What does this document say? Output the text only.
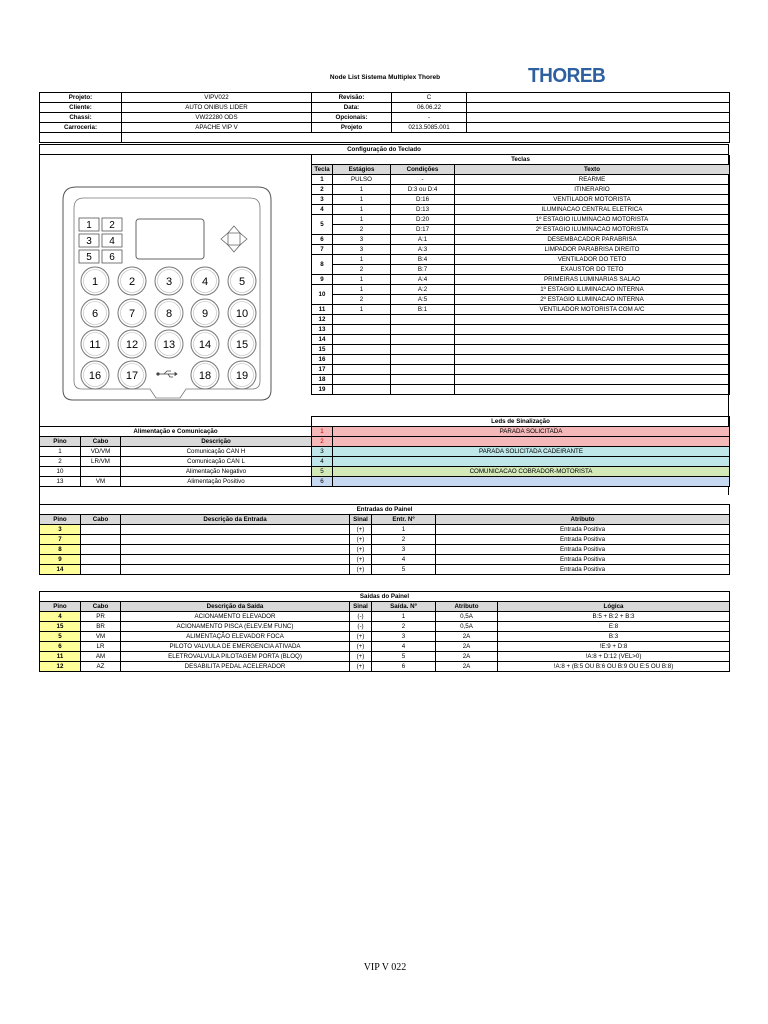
Node List Sistema Multiplex Thoreb	THOREB
Projeto:	VIPV022	Revisão:	C	
Cliente:	AUTO ONIBUS LIDER	Data:	06.06.22	
Chassi:	VW22280 ODS	Opcionais:	-	
Carroceria:	APACHE VIP V	Projeto	0213.5085.001	

Configuração do Teclado
Teclas			
Tecla	Estágios	Condições	Texto
1	PULSO	-	REARME
2	1	D:3 ou D:4	ITINERARIO
3	1	D:16	VENTILADOR MOTORISTA
4	1	D:13	ILUMINACAO CENTRAL ELETRICA
5	1	D:20	1º ESTAGIO ILUMINACAO MOTORISTA
	2	D:17	2º ESTAGIO ILUMINACAO MOTORISTA
6	3	A:1	DESEMBACADOR PARABRISA
7	3	A:3	LIMPADOR PARABRISA DIREITO
8	1	B:4	VENTILADOR DO TETO
	2	B:7	EXAUSTOR DO TETO
9	1	A:4	PRIMEIRAS LUMINARIAS SALAO
10	1	A:2	1º ESTAGIO ILUMINACAO INTERNA
	2	A:5	2º ESTAGIO ILUMINACAO INTERNA
11	1	B:1	VENTILADOR MOTORISTA COM A/C
12			
13			
14			
15			
16			
17			
18			
19			
1 2
3 4
5 6
1	2	3	4	5
6	7	8	9	10
11 12 13 14 15
16 17	18 19
Leds de Sinalização	
1	PARADA SOLICITADA
2	
3	PARADA SOLICITADA CADEIRANTE
4	
5	COMUNICACAO COBRADOR-MOTORISTA
6	
Alimentação e Comunicação		
Pino	Cabo	Descrição
1	VD/VM	Comunicação CAN H
2	LR/VM	Comunicação CAN L
10		Alimentação Negativo
13	VM	Alimentação Positivo
Entradas do Painel					
Pino	Cabo	Descrição da Entrada	Sinal	Entr. Nº	Atributo
3			(+)	1	Entrada Positiva
7			(+)	2	Entrada Positiva
8			(+)	3	Entrada Positiva
9			(+)	4	Entrada Positiva
14			(+)	5	Entrada Positiva
Saídas do Painel						
Pino	Cabo	Descrição da Saída	Sinal	Saída. Nº	Atributo	Lógica
4	PR	ACIONAMENTO ELEVADOR	(-)	1	0,5A	B:5 + B:2 + B:3
15	BR	ACIONAMENTO PISCA (ELEV.EM FUNC)	(-)	2	0,5A	E:8
5	VM	ALIMENTAÇÃO ELEVADOR FOCA	(+)	3	2A	B:3
6	LR	PILOTO VALVULA DE EMERGENCIA ATIVADA	(+)	4	2A	!E:9 + D:8
11	AM	ELETROVALVULA PILOTAGEM PORTA (BLOQ)	(+)	5	2A	!A:8 + D:12 (VEL>0)
12	AZ	DESABILITA PEDAL ACELERADOR	(+)	6	2A	!A:8 + (B:5 OU B:6 OU B:9 OU E:5 OU B:8)
VIP V 022
